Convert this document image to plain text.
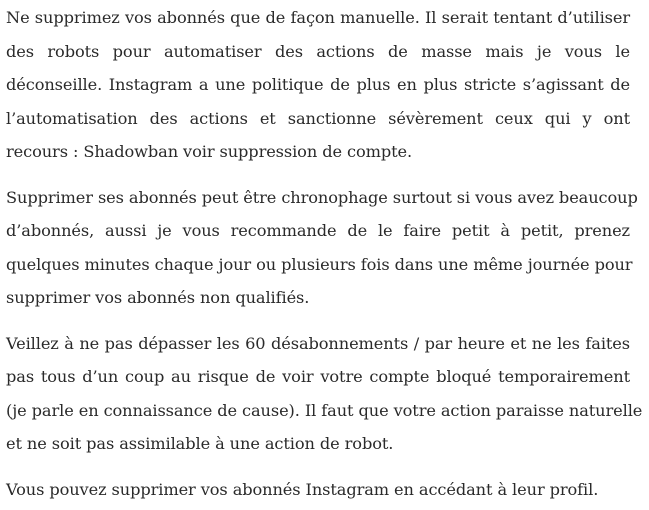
Ne supprimez vos abonnés que de façon manuelle. Il serait tentant d’utiliser
des robots pour automatiser des actions de masse mais je vous le
déconseille. Instagram a une politique de plus en plus stricte s’agissant de
l’automatisation des actions et sanctionne sévèrement ceux qui y ont
recours : Shadowban voir suppression de compte.

Supprimer ses abonnés peut être chronophage surtout si vous avez beaucoup
d’abonnés, aussi je vous recommande de le faire petit à petit, prenez
quelques minutes chaque jour ou plusieurs fois dans une même journée pour
supprimer vos abonnés non qualifiés.

Veillez à ne pas dépasser les 60 désabonnements / par heure et ne les faites
pas tous d’un coup au risque de voir votre compte bloqué temporairement
(je parle en connaissance de cause). Il faut que votre action paraisse naturelle
et ne soit pas assimilable à une action de robot.

Vous pouvez supprimer vos abonnés Instagram en accédant à leur profil.
